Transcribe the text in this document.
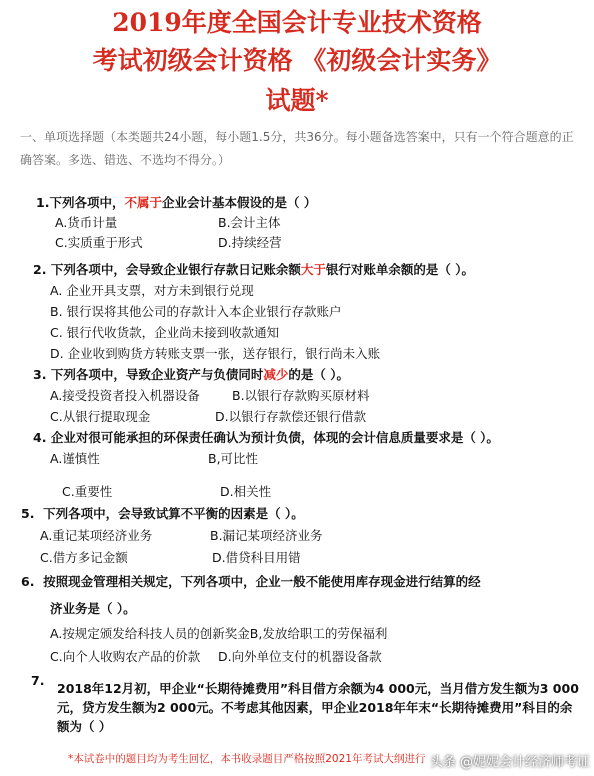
2019年度全国会计专业技术资格
考试初级会计资格 《初级会计实务》
试题*
一、单项选择题（本类题共24小题，每小题1.5分，共36分。每小题备选答案中，只有一个符合题意的正确答案。多选、错选、不选均不得分。）
1.下列各项中，不属于企业会计基本假设的是（ ）
A.货币计量	B.会计主体
C.实质重于形式	D.持续经营
2. 下列各项中，会导致企业银行存款日记账余额大于银行对账单余额的是（ ）。
A. 企业开具支票，对方未到银行兑现
B. 银行误将其他公司的存款计入本企业银行存款账户
C. 银行代收货款，企业尚未接到收款通知
D. 企业收到购货方转账支票一张，送存银行，银行尚未入账
3. 下列各项中，导致企业资产与负债同时减少的是（ ）。
A.接受投资者投入机器设备	B.以银行存款购买原材料
C.从银行提取现金	D.以银行存款偿还银行借款
4. 企业对很可能承担的环保责任确认为预计负债，体现的会计信息质量要求是（ ）。
A.谨慎性	B,可比性
C.重要性	D.相关性
5. 下列各项中，会导致试算不平衡的因素是（ ）。
A.重记某项经济业务	B.漏记某项经济业务
C.借方多记金额	D.借贷科目用错
6. 按照现金管理相关规定，下列各项中，企业一般不能使用库存现金进行结算的经
济业务是（ ）。
A.按规定颁发给科技人员的创新奖金B,发放给职工的劳保福利
C.向个人收购农产品的价款 D.向外单位支付的机器设备款
7.
2018年12月初，甲企业“长期待摊费用”科目借方余额为4 000元，当月借方发生额为3 000
元，贷方发生额为2 000元。不考虑其他因素，甲企业2018年年末“长期待摊费用”科目的余
额为（ ）
*本试卷中的题目均为考生回忆，本书收录题目严格按照2021年考试大纲进行 头条 @妮妮会计经济师考证
